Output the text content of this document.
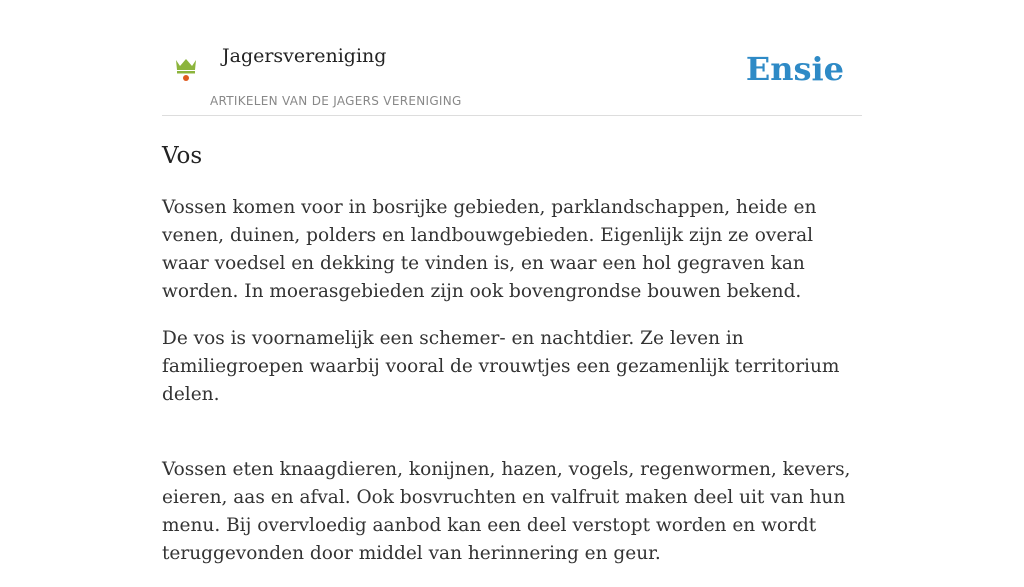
Jagersvereniging
ARTIKELEN VAN DE JAGERS VERENIGING
Ensie
Vos

Vossen komen voor in bosrijke gebieden, parklandschappen, heide en venen, duinen, polders en landbouwgebieden. Eigenlijk zijn ze overal waar voedsel en dekking te vinden is, en waar een hol gegraven kan worden. In moerasgebieden zijn ook bovengrondse bouwen bekend.

De vos is voornamelijk een schemer- en nachtdier. Ze leven in familiegroepen waarbij vooral de vrouwtjes een gezamenlijk territorium delen.

Vossen eten knaagdieren, konijnen, hazen, vogels, regenwormen, kevers, eieren, aas en afval. Ook bosvruchten en valfruit maken deel uit van hun menu. Bij overvloedig aanbod kan een deel verstopt worden en wordt teruggevonden door middel van herinnering en geur.
